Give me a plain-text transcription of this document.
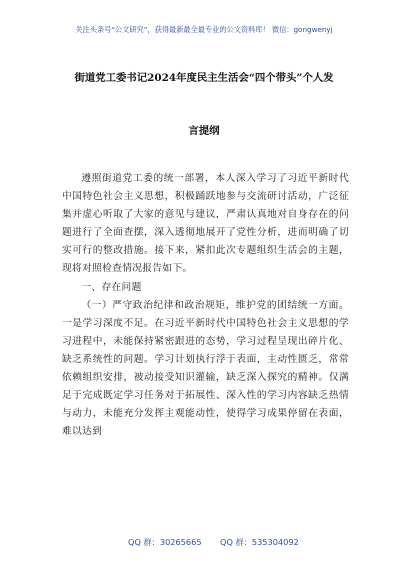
关注头条号“公文研究”，获得最新最全最专业的公文资料库！ 微信：gongwenyj
街道党工委书记2024年度民主生活会“四个带头”个人发
言提纲

遵照街道党工委的统一部署，本人深入学习了习近平新时代中国特色社会主义思想，积极踊跃地参与交流研讨活动，广泛征集并虚心听取了大家的意见与建议，严肃认真地对自身存在的问题进行了全面查摆，深入透彻地展开了党性分析，进而明确了切实可行的整改措施。接下来，紧扣此次专题组织生活会的主题，现将对照检查情况报告如下。

一、存在问题

（一）严守政治纪律和政治规矩，维护党的团结统一方面。一是学习深度不足。在习近平新时代中国特色社会主义思想的学习进程中，未能保持紧密跟进的态势，学习过程呈现出碎片化、缺乏系统性的问题。学习计划执行浮于表面，主动性匮乏，常常依赖组织安排，被动接受知识灌输，缺乏深入探究的精神。仅满足于完成既定学习任务对于拓展性、深入性的学习内容缺乏热情与动力，未能充分发挥主观能动性，使得学习成果停留在表面，难以达到

QQ 群：30265665 QQ 群：535304092
